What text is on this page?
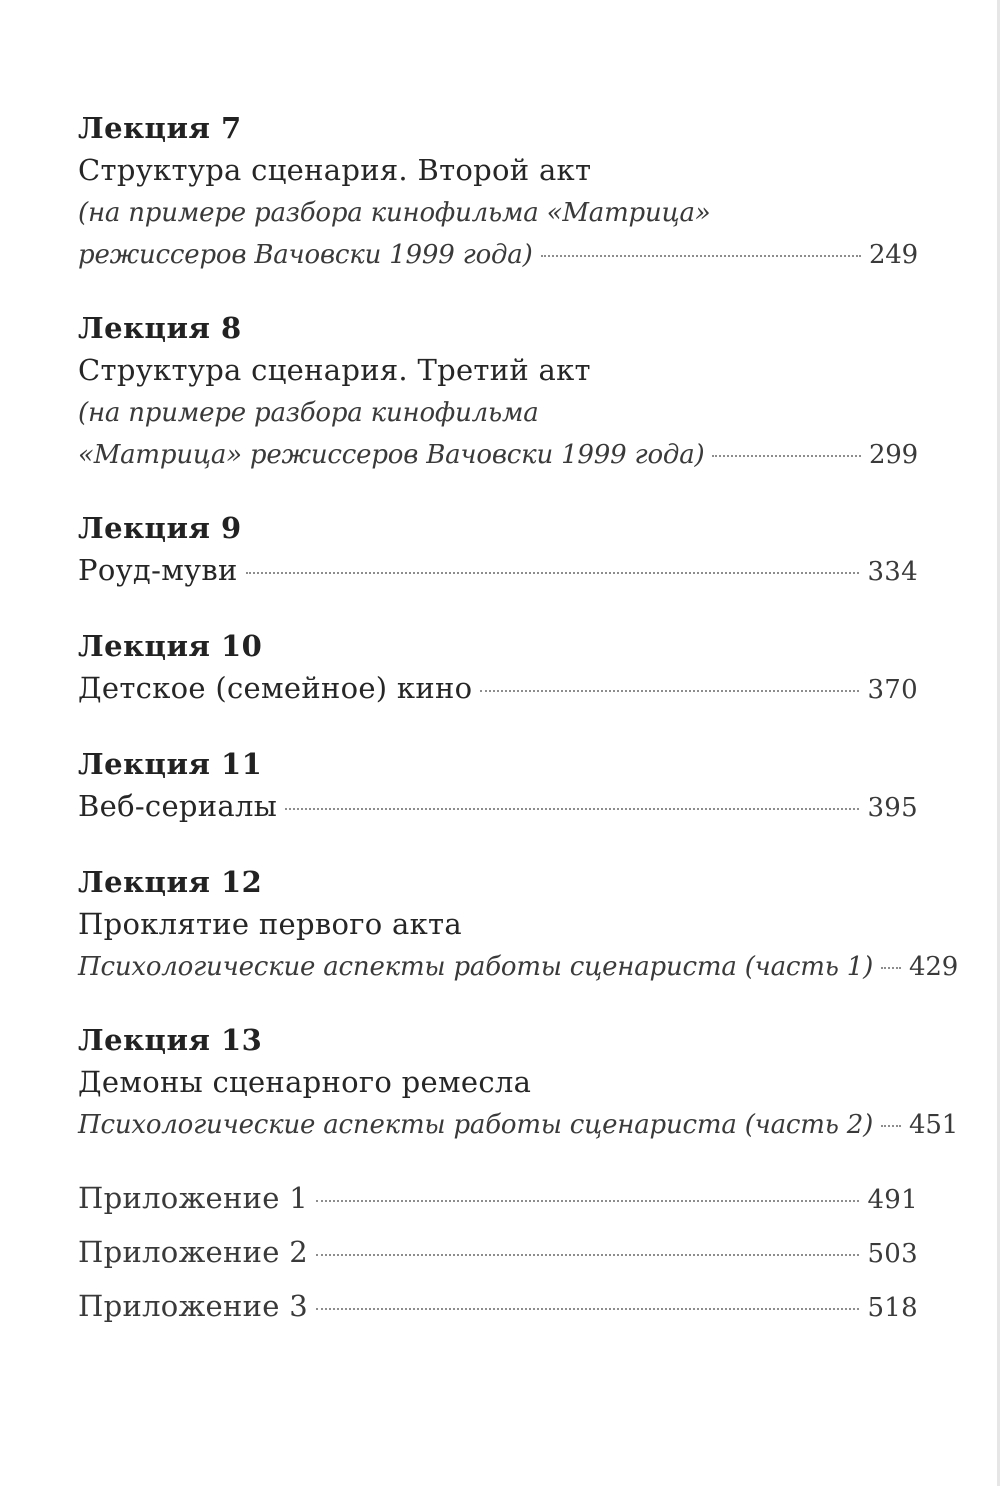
Лекция 7
Структура сценария. Второй акт
(на примере разбора кинофильма «Матрица»
режиссеров Вачовски 1999 года)	249
Лекция 8
Структура сценария. Третий акт
(на примере разбора кинофильма
«Матрица» режиссеров Вачовски 1999 года)	299
Лекция 9
Роуд-муви	334
Лекция 10
Детское (семейное) кино	370
Лекция 11
Веб-сериалы	395
Лекция 12
Проклятие первого акта
Психологические аспекты работы сценариста (часть 1) 429
Лекция 13
Демоны сценарного ремесла
Психологические аспекты работы сценариста (часть 2) 451
Приложение 1	491
Приложение 2	503
Приложение 3	518
